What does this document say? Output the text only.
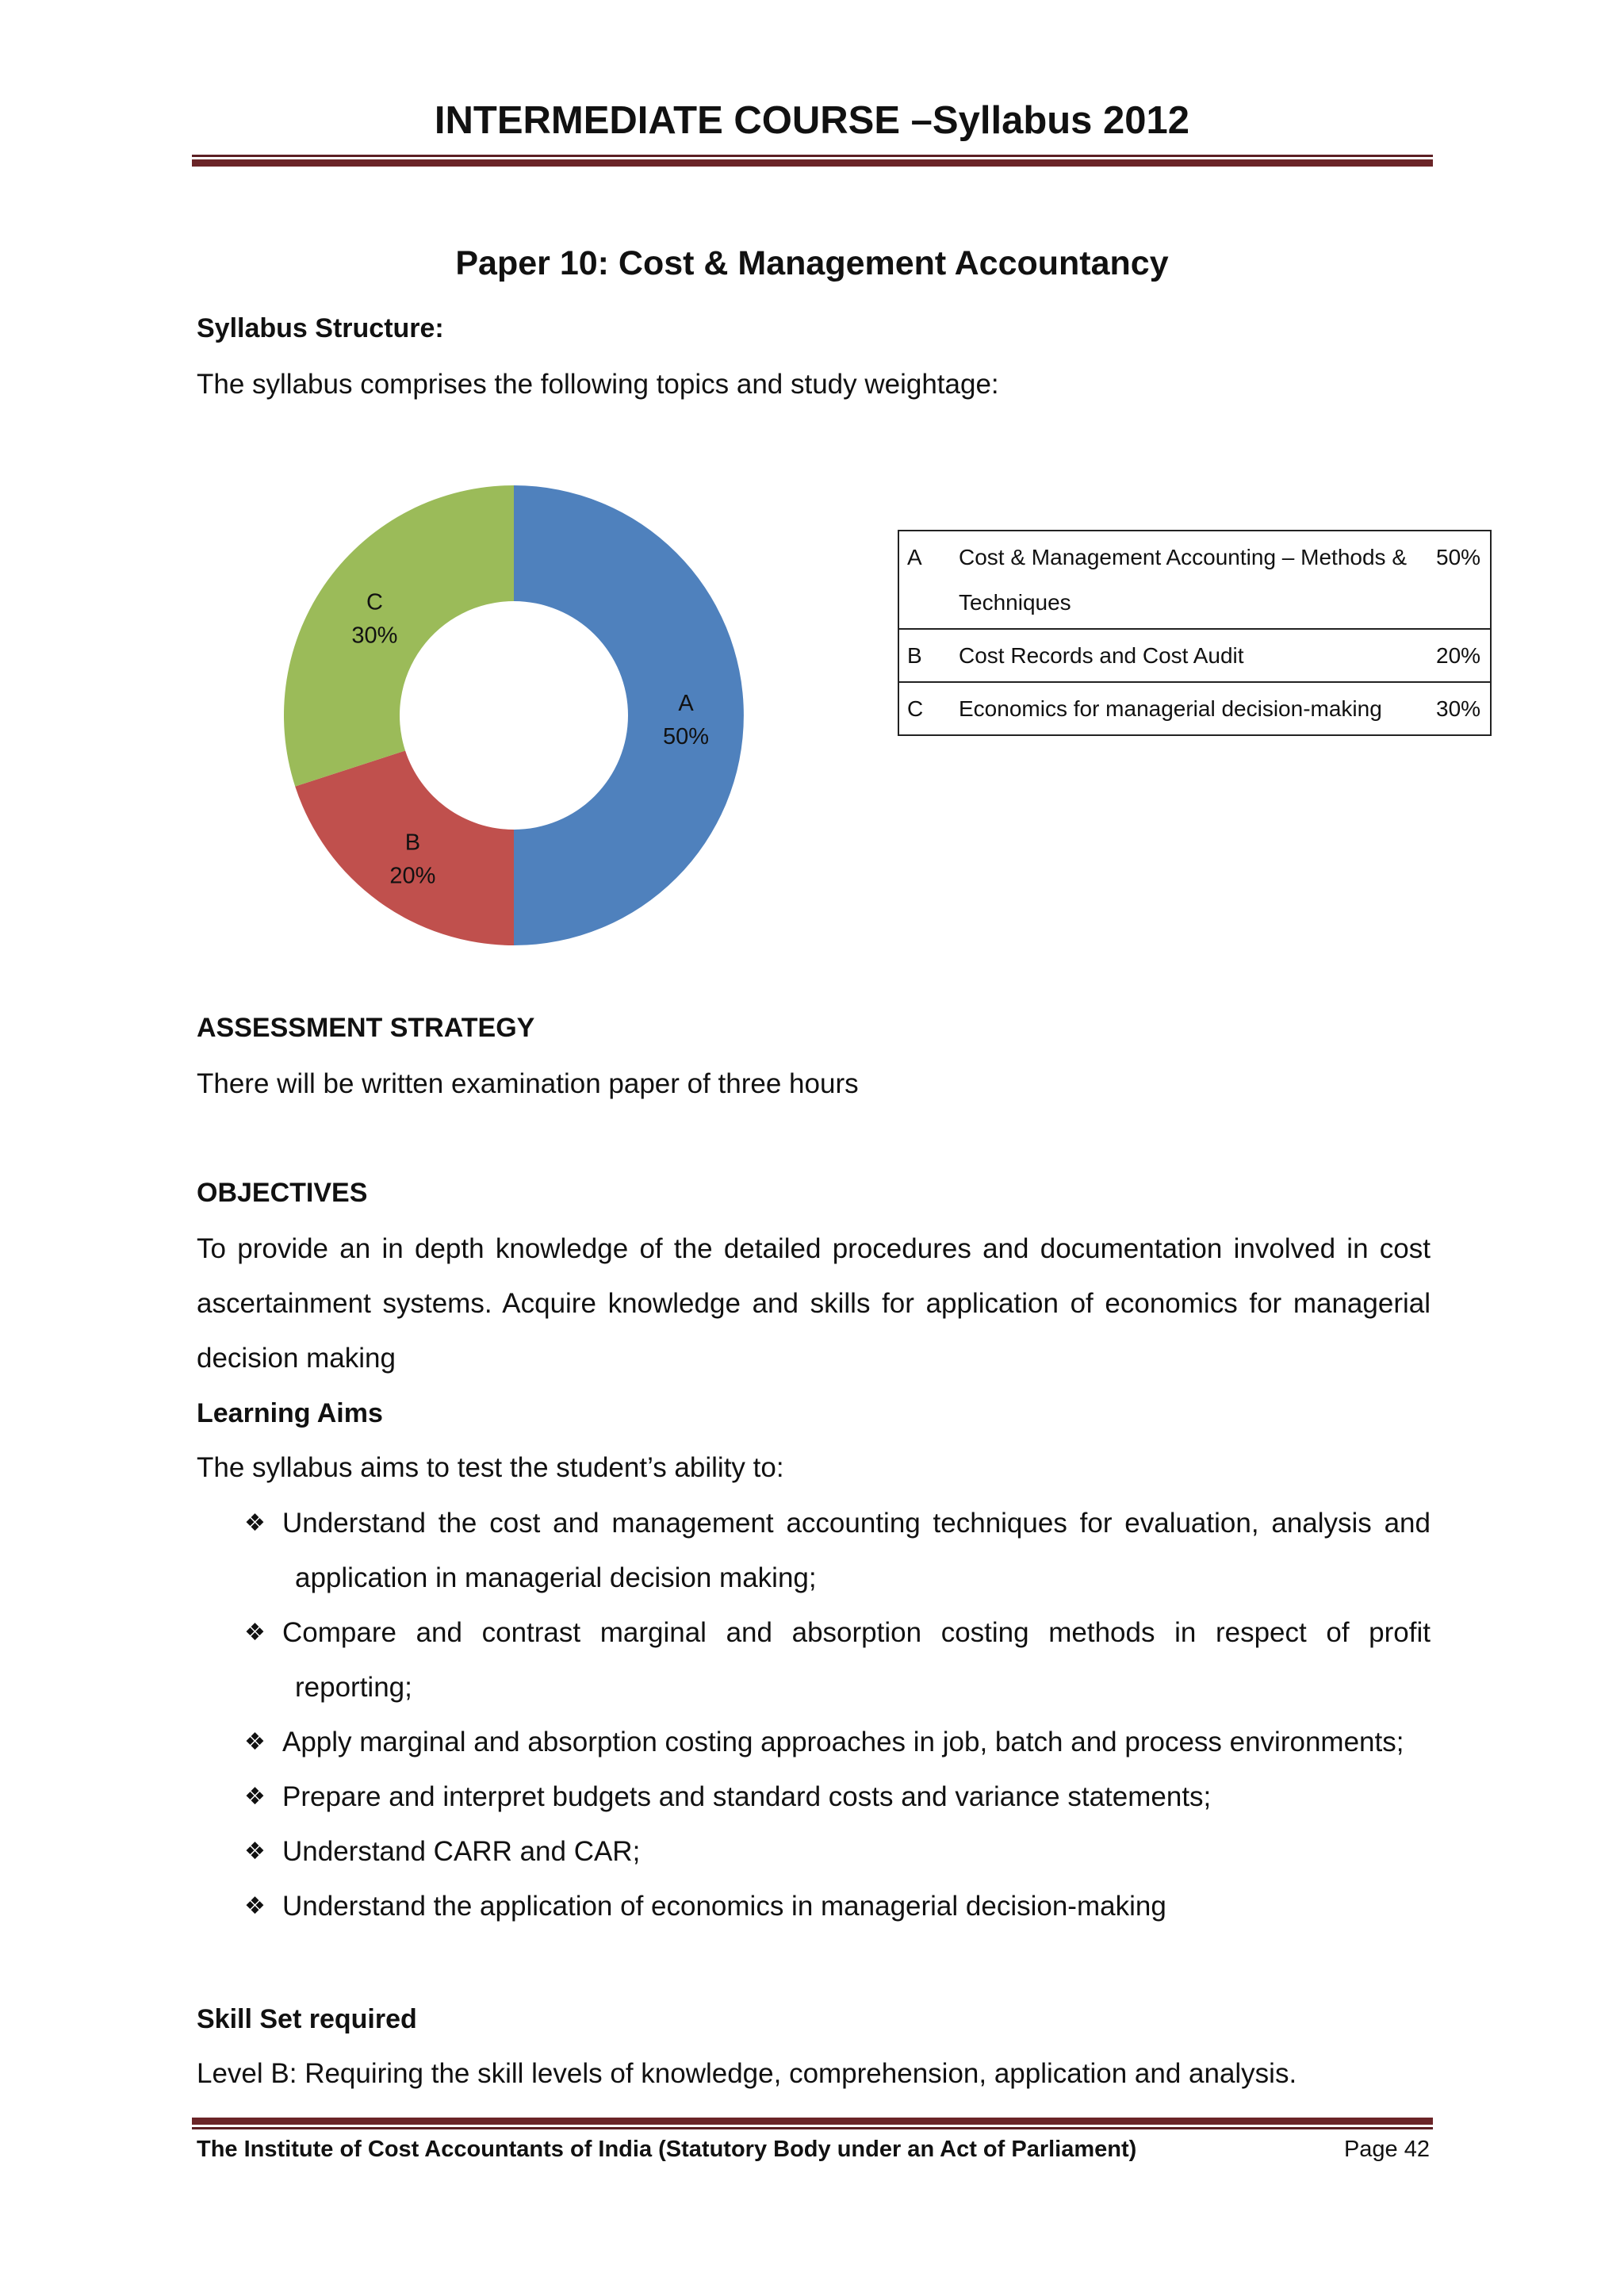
INTERMEDIATE COURSE –Syllabus 2012
Paper 10: Cost & Management Accountancy
Syllabus Structure:
The syllabus comprises the following topics and study weightage:
A
50%
B
20%
C
30%
A	Cost & Management Accounting – Methods & Techniques	50%
B	Cost Records and Cost Audit	20%
C	Economics for managerial decision-making	30%
ASSESSMENT STRATEGY
There will be written examination paper of three hours
OBJECTIVES
To provide an in depth knowledge of the detailed procedures and documentation involved in cost ascertainment systems. Acquire knowledge and skills for application of economics for managerial decision making
Learning Aims
The syllabus aims to test the student’s ability to:
❖ Understand the cost and management accounting techniques for evaluation, analysis and
application in managerial decision making;
❖ Compare and contrast marginal and absorption costing methods in respect of profit
reporting;
❖ Apply marginal and absorption costing approaches in job, batch and process environments;
❖ Prepare and interpret budgets and standard costs and variance statements;
❖ Understand CARR and CAR;
❖ Understand the application of economics in managerial decision-making
Skill Set required
Level B: Requiring the skill levels of knowledge, comprehension, application and analysis.
The Institute of Cost Accountants of India (Statutory Body under an Act of Parliament)	Page 42
